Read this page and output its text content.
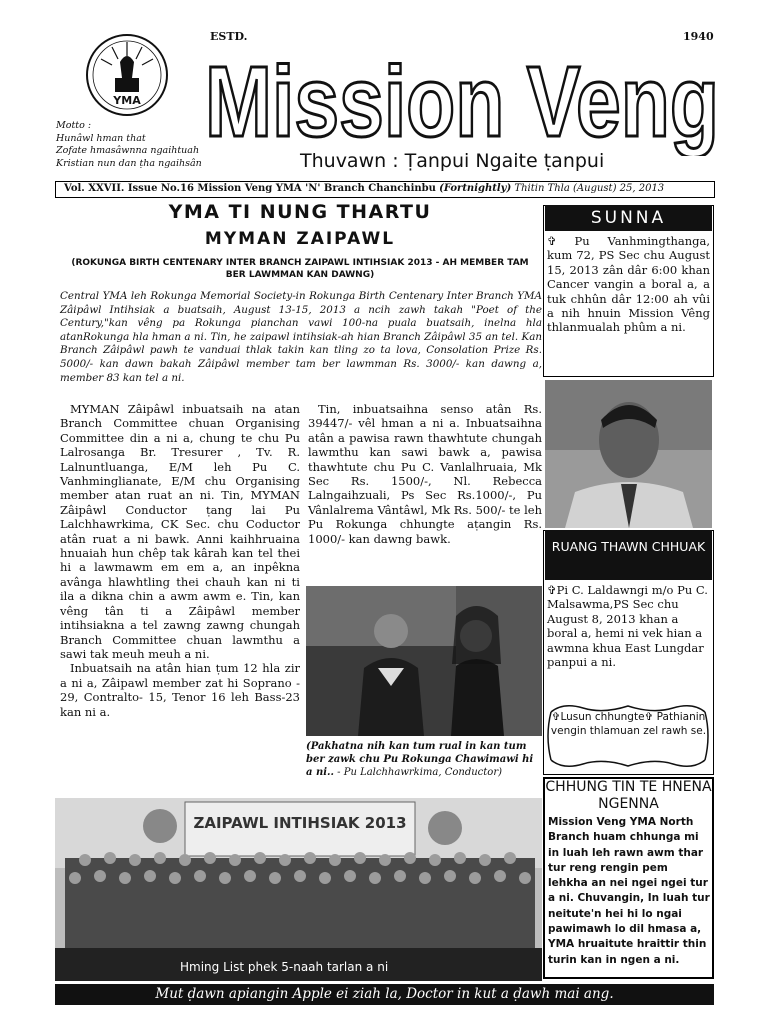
YMA
Motto :
Hunâwl hman that
Zofate hmasâwnna ngaihtuah
Kristian nun dan ṭha ngaihsân
ESTD.	1940
Mission Veng
Thuvawn : Ṭanpui Ngaite ṭanpui
Vol. XXVII. Issue No.16 Mission Veng YMA 'N' Branch Chanchinbu (Fortnightly) Thitin Thla (August) 25, 2013
YMA TI NUNG THARTU
MYMAN ZAIPAWL
(ROKUNGA BIRTH CENTENARY INTER BRANCH ZAIPAWL INTIHSIAK 2013 - AH MEMBER TAM BER LAWMMAN KAN DAWNG)
Central YMA leh Rokunga Memorial Society-in Rokunga Birth Centenary Inter Branch YMA Zâipâwl Intihsiak a buatsaih, August 13-15, 2013 a ncih zawh takah "Poet of the Century,"kan vêng pa Rokunga pianchan vawi 100-na puala buatsaih, inelna hla atanRokunga hla hman a ni. Tin, he zaipawl intihsiak-ah hian Branch Zâipâwl 35 an tel. Kan Branch Zâipâwl pawh te vanduai thlak takin kan tling zo ta lova, Consolation Prize Rs. 5000/- kan dawn bakah Zâipâwl member tam ber lawmman Rs. 3000/- kan dawng a, member 83 kan tel a ni.

MYMAN Zâipâwl inbuatsaih na atan Branch Committee chuan Organising Committee din a ni a, chung te chu Pu Lalrosanga Br. Tresurer , Tv. R. Lalnuntluanga, E/M leh Pu C. Vanhminglianate, E/M chu Organising member atan ruat an ni. Tin, MYMAN Zâipâwl Conductor ṭang lai Pu Lalchhawrkima, CK Sec. chu Coductor atân ruat a ni bawk. Anni kaihhruaina hnuaiah hun chêp tak kârah kan tel thei hi a lawmawm em em a, an inpêkna avânga hlawhtling thei chauh kan ni ti ila a dikna chin a awm awm e. Tin, kan vêng tân ti a Zâipâwl member intihsiakna a tel zawng zawng chungah Branch Committee chuan lawmthu a sawi tak meuh meuh a ni.

Inbuatsaih na atân hian ṭum 12 hla zir a ni a, Zâipawl member zat hi Soprano - 29, Contralto- 15, Tenor 16 leh Bass-23 kan ni a.

Tin, inbuatsaihna senso atân Rs. 39447/- vêl hman a ni a. Inbuatsaihna atân a pawisa rawn thawhtute chungah lawmthu kan sawi bawk a, pawisa thawhtute chu Pu C. Vanlalhruaia, Mk Sec Rs. 1500/-, Nl. Rebecca Lalngaihzuali, Ps Sec Rs.1000/-, Pu Vânlalrema Vântâwl, Mk Rs. 500/- te leh Pu Rokunga chhungte aṭangin Rs. 1000/- kan dawng bawk.

(Pakhatna nih kan tum rual in kan tum ber zawk chu Pu Rokunga Chawimawi hi a ni.. - Pu Lalchhawrkima, Conductor)
ZAIPAWL INTIHSIAK 2013
Hming List phek 5-naah tarlan a ni
SUNNA
✞ Pu Vanhmingthanga, kum 72, PS Sec chu August 15, 2013 zân dâr 6:00 khan Cancer vangin a boral a, a tuk chhûn dâr 12:00 ah vûi a nih hnuin Mission Vêng thlanmualah phûm a ni.
RUANG THAWN CHHUAK
✞Pi C. Laldawngi m/o Pu C. Malsawma,PS Sec chu August 8, 2013 khan a boral a, hemi ni vek hian a awmna khua East Lungdar panpui a ni.
✞Lusun chhungte✞ Pathianin vengin thlamuan zel rawh se.
CHHUNG TIN TE HNENA NGENNA
Mission Veng YMA North Branch huam chhunga mi in luah leh rawn awm thar tur reng rengin pem lehkha an nei ngei ngei tur a ni. Chuvangin, In luah tur neitute'n hei hi lo ngai pawimawh lo dil hmasa a, YMA hruaitute hraittir thin turin kan in ngen a ni.
Mut ḍawn apiangin Apple ei ziah la, Doctor in kut a ḍawh mai ang.
